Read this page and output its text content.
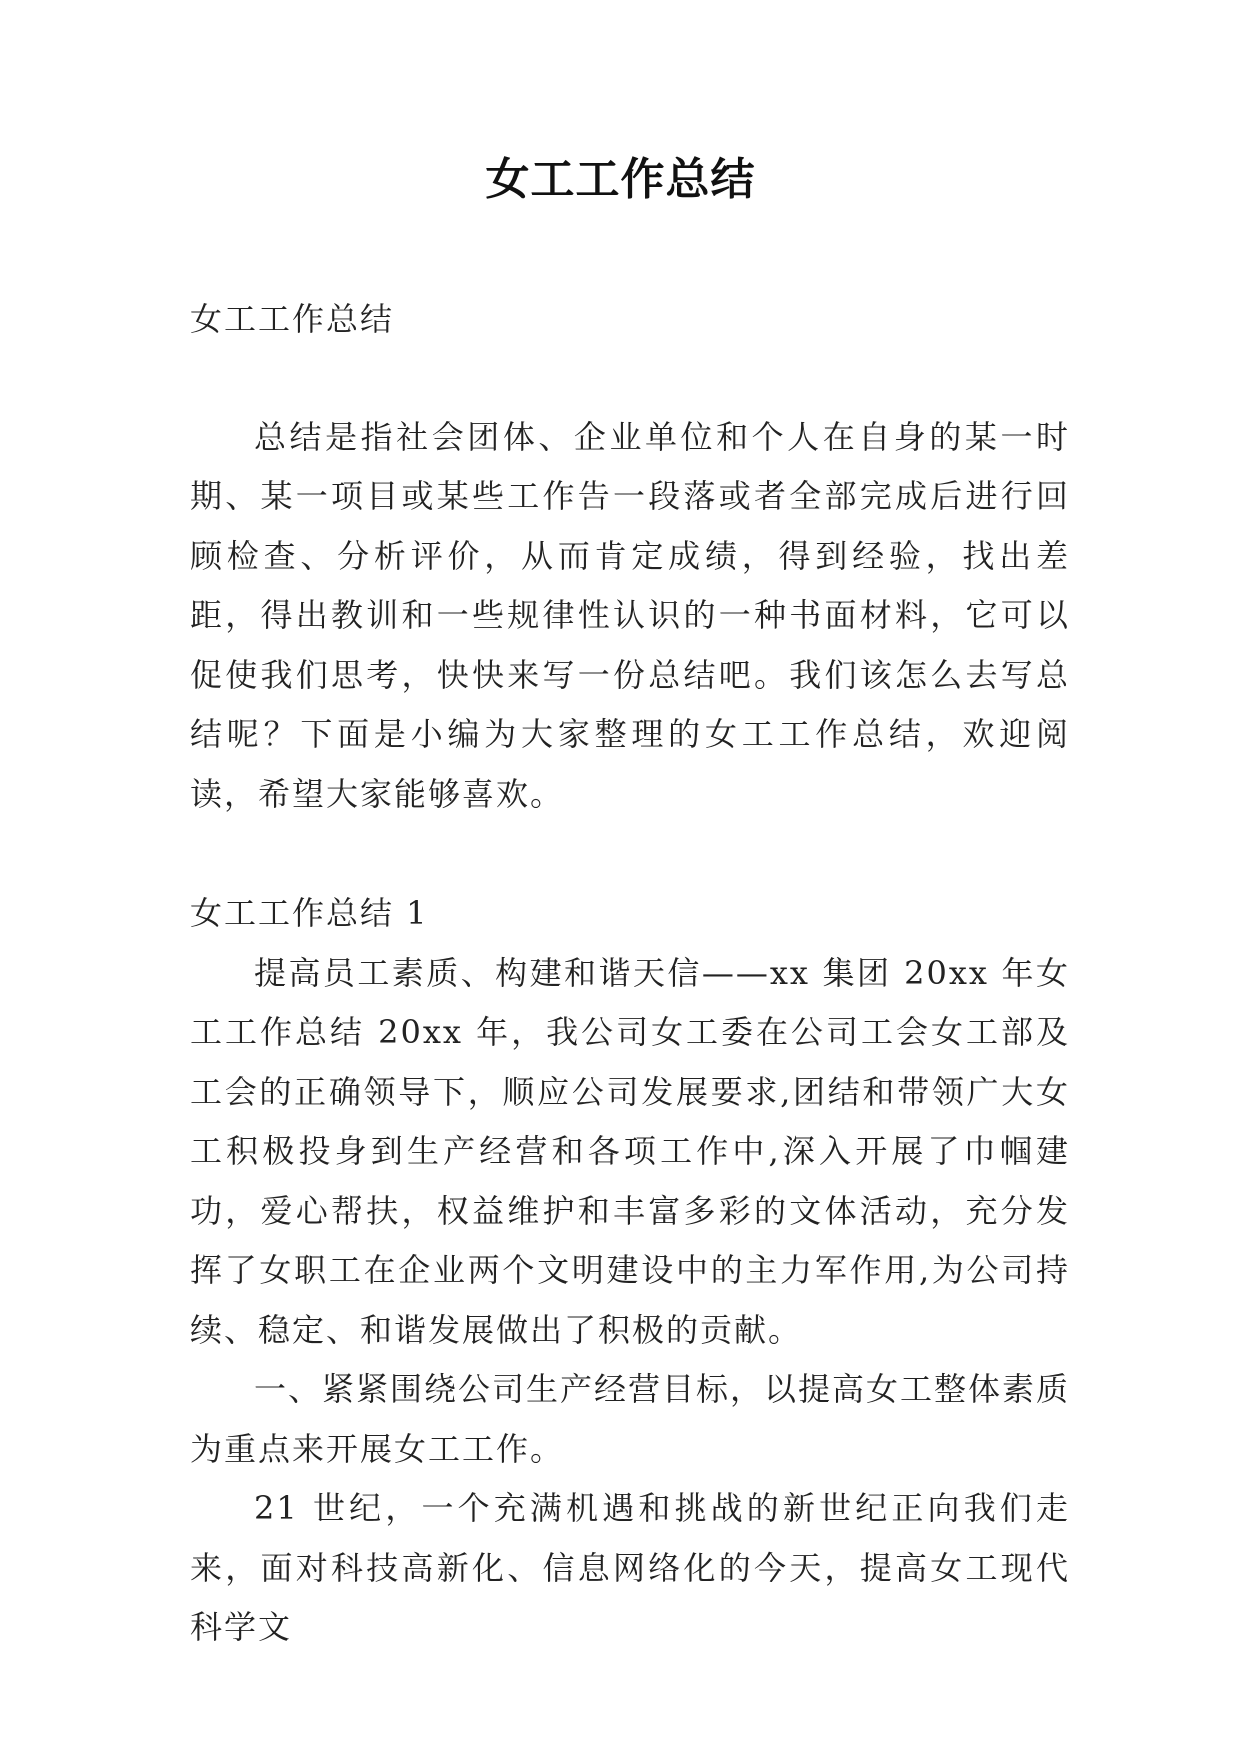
女工工作总结

女工工作总结

总结是指社会团体、企业单位和个人在自身的某一时期、某一项目或某些工作告一段落或者全部完成后进行回顾检查、分析评价，从而肯定成绩，得到经验，找出差距，得出教训和一些规律性认识的一种书面材料，它可以促使我们思考，快快来写一份总结吧。我们该怎么去写总结呢？下面是小编为大家整理的女工工作总结，欢迎阅读，希望大家能够喜欢。

女工工作总结 1

提高员工素质、构建和谐天信——xx 集团 20xx 年女工工作总结 20xx 年，我公司女工委在公司工会女工部及工会的正确领导下，顺应公司发展要求,团结和带领广大女工积极投身到生产经营和各项工作中,深入开展了巾帼建功，爱心帮扶，权益维护和丰富多彩的文体活动，充分发挥了女职工在企业两个文明建设中的主力军作用,为公司持续、稳定、和谐发展做出了积极的贡献。

一、紧紧围绕公司生产经营目标，以提高女工整体素质为重点来开展女工工作。

21 世纪，一个充满机遇和挑战的新世纪正向我们走来，面对科技高新化、信息网络化的今天，提高女工现代科学文
